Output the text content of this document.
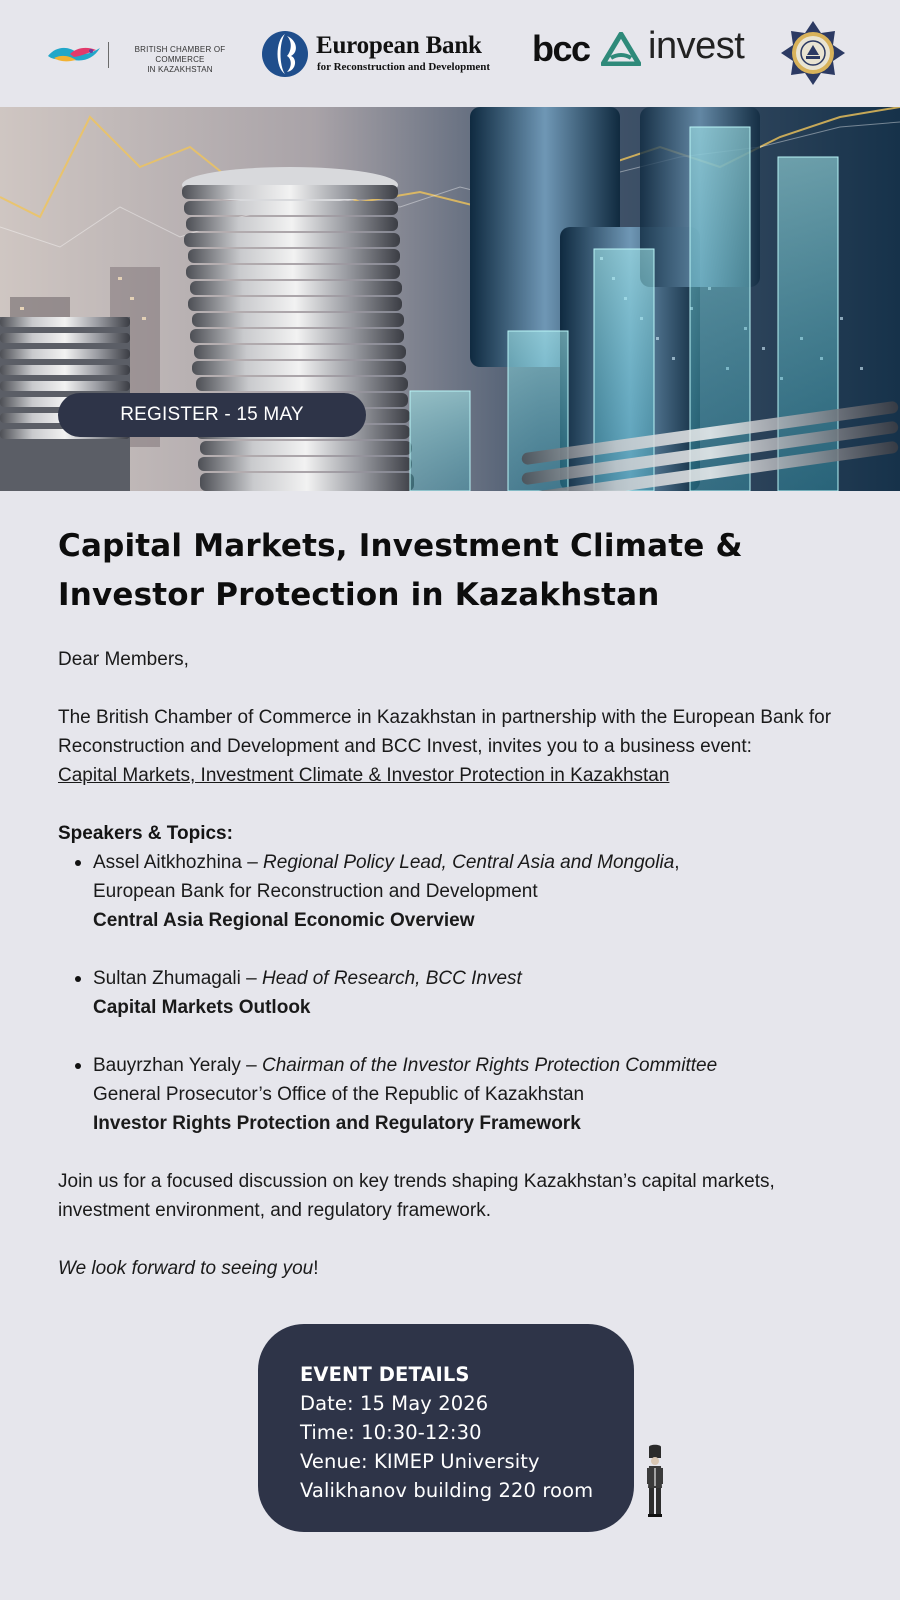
BRITISH CHAMBER OF COMMERCE
IN KAZAKHSTAN
European Bank
for Reconstruction and Development bcc invest
REGISTER - 15 MAY
Capital Markets, Investment Climate &
Investor Protection in Kazakhstan

Dear Members,

The British Chamber of Commerce in Kazakhstan in partnership with the European Bank for Reconstruction and Development and BCC Invest, invites you to a business event:
Capital Markets, Investment Climate & Investor Protection in Kazakhstan

Speakers & Topics:
Assel Aitkhozhina – Regional Policy Lead, Central Asia and Mongolia,
European Bank for Reconstruction and Development
Central Asia Regional Economic Overview
Sultan Zhumagali – Head of Research, BCC Invest
Capital Markets Outlook
Bauyrzhan Yeraly – Chairman of the Investor Rights Protection Committee
General Prosecutor’s Office of the Republic of Kazakhstan
Investor Rights Protection and Regulatory Framework

Join us for a focused discussion on key trends shaping Kazakhstan’s capital markets, investment environment, and regulatory framework.

We look forward to seeing you!

EVENT DETAILS
Date: 15 May 2026
Time: 10:30-12:30
Venue: KIMEP University
Valikhanov building 220 room
